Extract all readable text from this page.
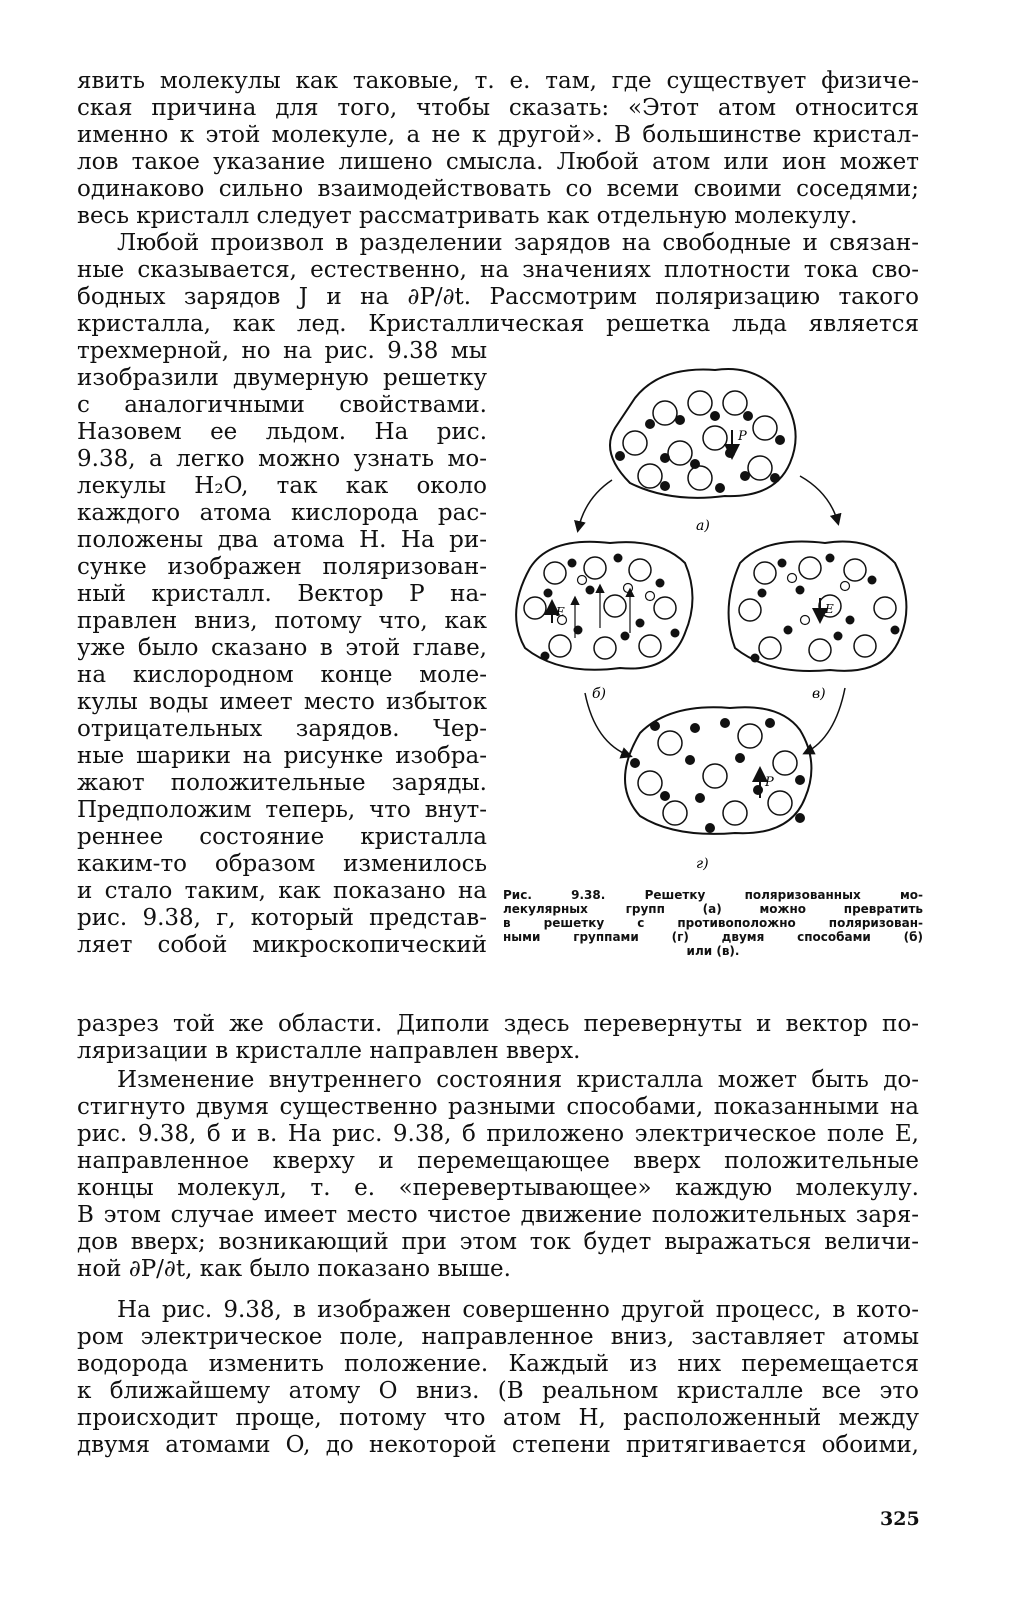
явить молекулы как таковые, т. е. там, где существует физиче-
ская причина для того, чтобы сказать: «Этот атом относится
именно к этой молекуле, а не к другой». В большинстве кристал-
лов такое указание лишено смысла. Любой атом или ион может
одинаково сильно взаимодействовать со всеми своими соседями;
весь кристалл следует рассматривать как отдельную молекулу.
Любой произвол в разделении зарядов на свободные и связан-
ные сказывается, естественно, на значениях плотности тока сво-
бодных зарядов J и на ∂P/∂t. Рассмотрим поляризацию такого
кристалла, как лед. Кристаллическая решетка льда является
трехмерной, но на рис. 9.38 мы
изобразили двумерную решетку
с аналогичными свойствами.
Назовем ее льдом. На рис.
9.38, а легко можно узнать мо-
лекулы H₂O, так как около
каждого атома кислорода рас-
положены два атома H. На ри-
сунке изображен поляризован-
ный кристалл. Вектор P на-
правлен вниз, потому что, как
уже было сказано в этой главе,
на кислородном конце моле-
кулы воды имеет место избыток
отрицательных зарядов. Чер-
ные шарики на рисунке изобра-
жают положительные заряды.
Предположим теперь, что внут-
реннее состояние кристалла
каким-то образом изменилось
и стало таким, как показано на
рис. 9.38, г, который представ-
ляет собой микроскопический
P
а)
E
б)
E
в)
P
г)
Рис. 9.38. Решетку поляризованных мо-
лекулярных групп (а) можно превратить
в решетку с противоположно поляризован-
ными группами (г) двумя способами (б)
или (в).
разрез той же области. Диполи здесь перевернуты и вектор по-
ляризации в кристалле направлен вверх.
Изменение внутреннего состояния кристалла может быть до-
стигнуто двумя существенно разными способами, показанными на
рис. 9.38, б и в. На рис. 9.38, б приложено электрическое поле E,
направленное кверху и перемещающее вверх положительные
концы молекул, т. е. «перевертывающее» каждую молекулу.
В этом случае имеет место чистое движение положительных заря-
дов вверх; возникающий при этом ток будет выражаться величи-
ной ∂P/∂t, как было показано выше.
На рис. 9.38, в изображен совершенно другой процесс, в кото-
ром электрическое поле, направленное вниз, заставляет атомы
водорода изменить положение. Каждый из них перемещается
к ближайшему атому O вниз. (В реальном кристалле все это
происходит проще, потому что атом H, расположенный между
двумя атомами O, до некоторой степени притягивается обоими,
325
